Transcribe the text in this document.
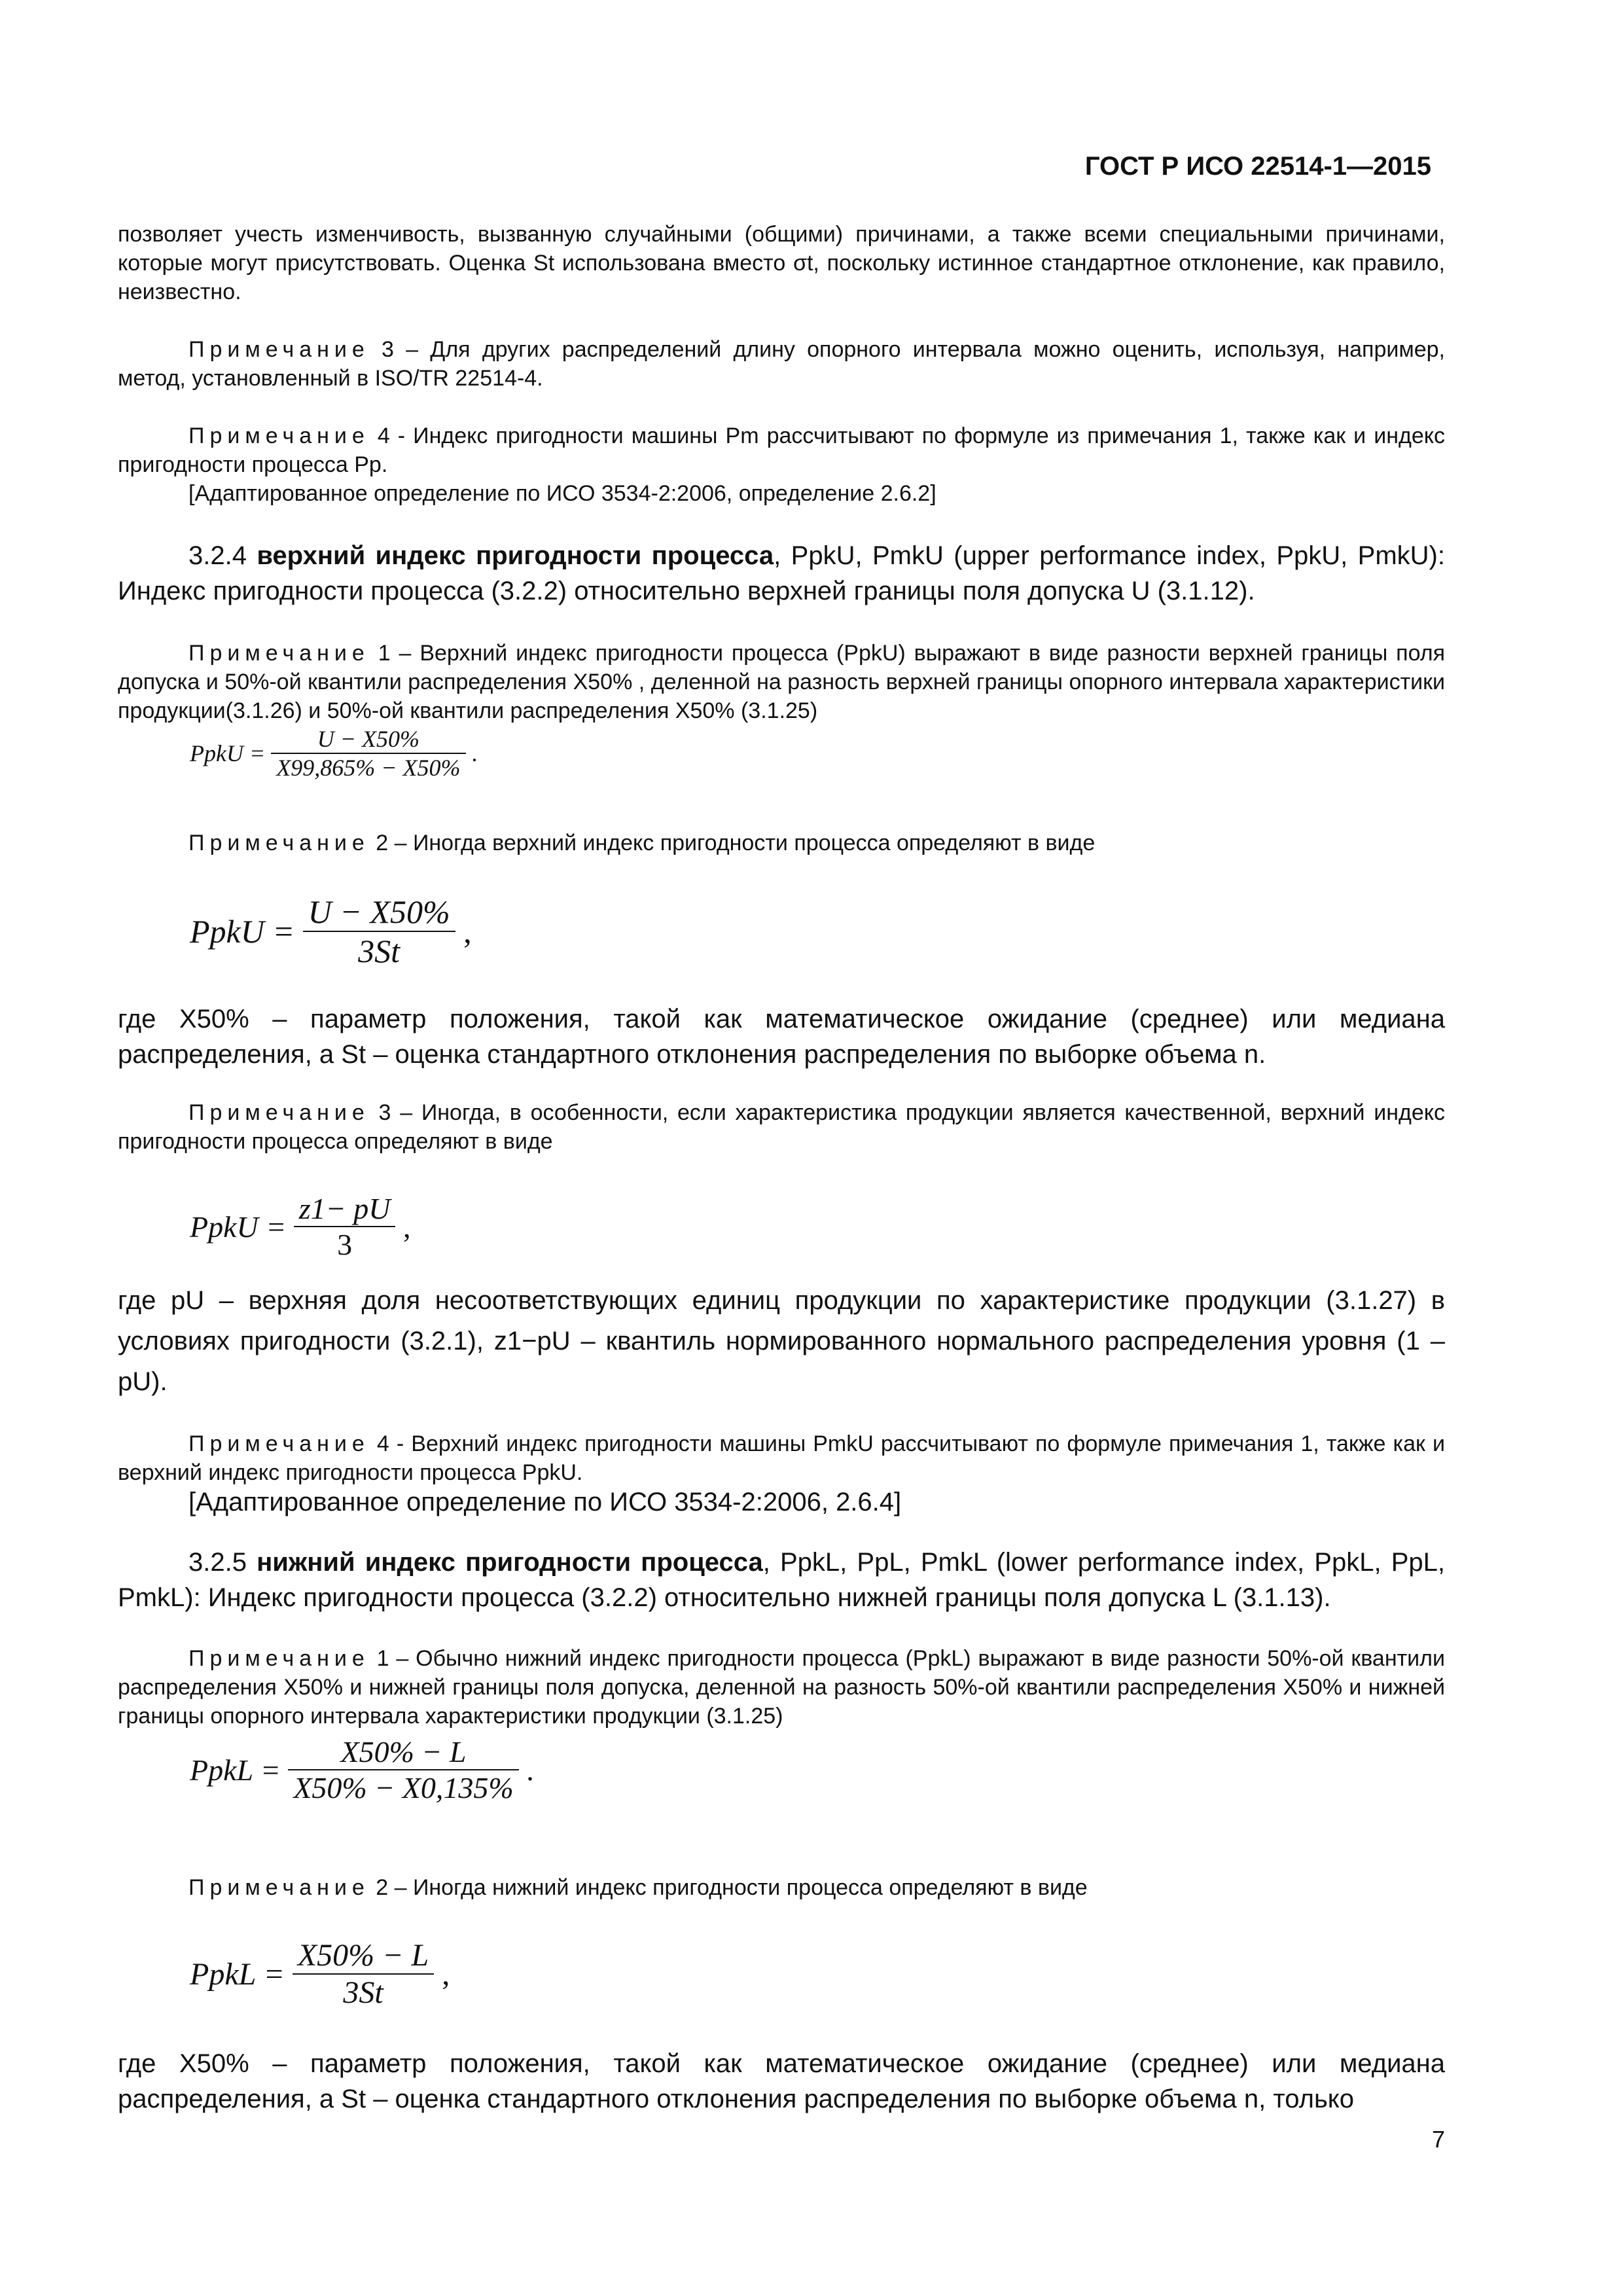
ГОСТ Р ИСО 22514-1—2015
позволяет учесть изменчивость, вызванную случайными (общими) причинами, а также всеми специальными причинами, которые могут присутствовать. Оценка St использована вместо σt, поскольку истинное стандартное отклонение, как правило, неизвестно.
Примечание 3 – Для других распределений длину опорного интервала можно оценить, используя, например, метод, установленный в ISO/TR 22514-4.
Примечание 4 - Индекс пригодности машины Pm рассчитывают по формуле из примечания 1, также как и индекс пригодности процесса Pp.
[Адаптированное определение по ИСО 3534-2:2006, определение 2.6.2]
3.2.4 верхний индекс пригодности процесса, PpkU, PmkU (upper performance index, PpkU, PmkU): Индекс пригодности процесса (3.2.2) относительно верхней границы поля допуска U (3.1.12).
Примечание 1 – Верхний индекс пригодности процесса (PpkU) выражают в виде разности верхней границы поля допуска и 50%-ой квантили распределения X50% , деленной на разность верхней границы опорного интервала характеристики продукции(3.1.26) и 50%-ой квантили распределения X50% (3.1.25)
PpkU = $\frac{U - X50\%}{X99,865\% - X50\%}$ .
Примечание 2 – Иногда верхний индекс пригодности процесса определяют в виде
PpkU = $\frac{U - X50\%}{3St}$ ,
где X50% – параметр положения, такой как математическое ожидание (среднее) или медиана распределения, а St – оценка стандартного отклонения распределения по выборке объема n.
Примечание 3 – Иногда, в особенности, если характеристика продукции является качественной, верхний индекс пригодности процесса определяют в виде
PpkU = $\frac{z1- pU}{3}$ ,
где pU – верхняя доля несоответствующих единиц продукции по характеристике продукции (3.1.27) в условиях пригодности (3.2.1), z1−pU – квантиль нормированного нормального распределения уровня (1 – pU).
Примечание 4 - Верхний индекс пригодности машины PmkU рассчитывают по формуле примечания 1, также как и верхний индекс пригодности процесса PpkU.
[Адаптированное определение по ИСО 3534-2:2006, 2.6.4]
3.2.5 нижний индекс пригодности процесса, PpkL, PpL, PmkL (lower performance index, PpkL, PpL, PmkL): Индекс пригодности процесса (3.2.2) относительно нижней границы поля допуска L (3.1.13).
Примечание 1 – Обычно нижний индекс пригодности процесса (PpkL) выражают в виде разности 50%-ой квантили распределения X50% и нижней границы поля допуска, деленной на разность 50%-ой квантили распределения X50% и нижней границы опорного интервала характеристики продукции (3.1.25)
PpkL = $\frac{X50\% - L}{X50\% - X0,135\%}$ .
Примечание 2 – Иногда нижний индекс пригодности процесса определяют в виде
PpkL = $\frac{X50\% - L}{3St}$ ,
где X50% – параметр положения, такой как математическое ожидание (среднее) или медиана распределения, а St – оценка стандартного отклонения распределения по выборке объема n, только
7
